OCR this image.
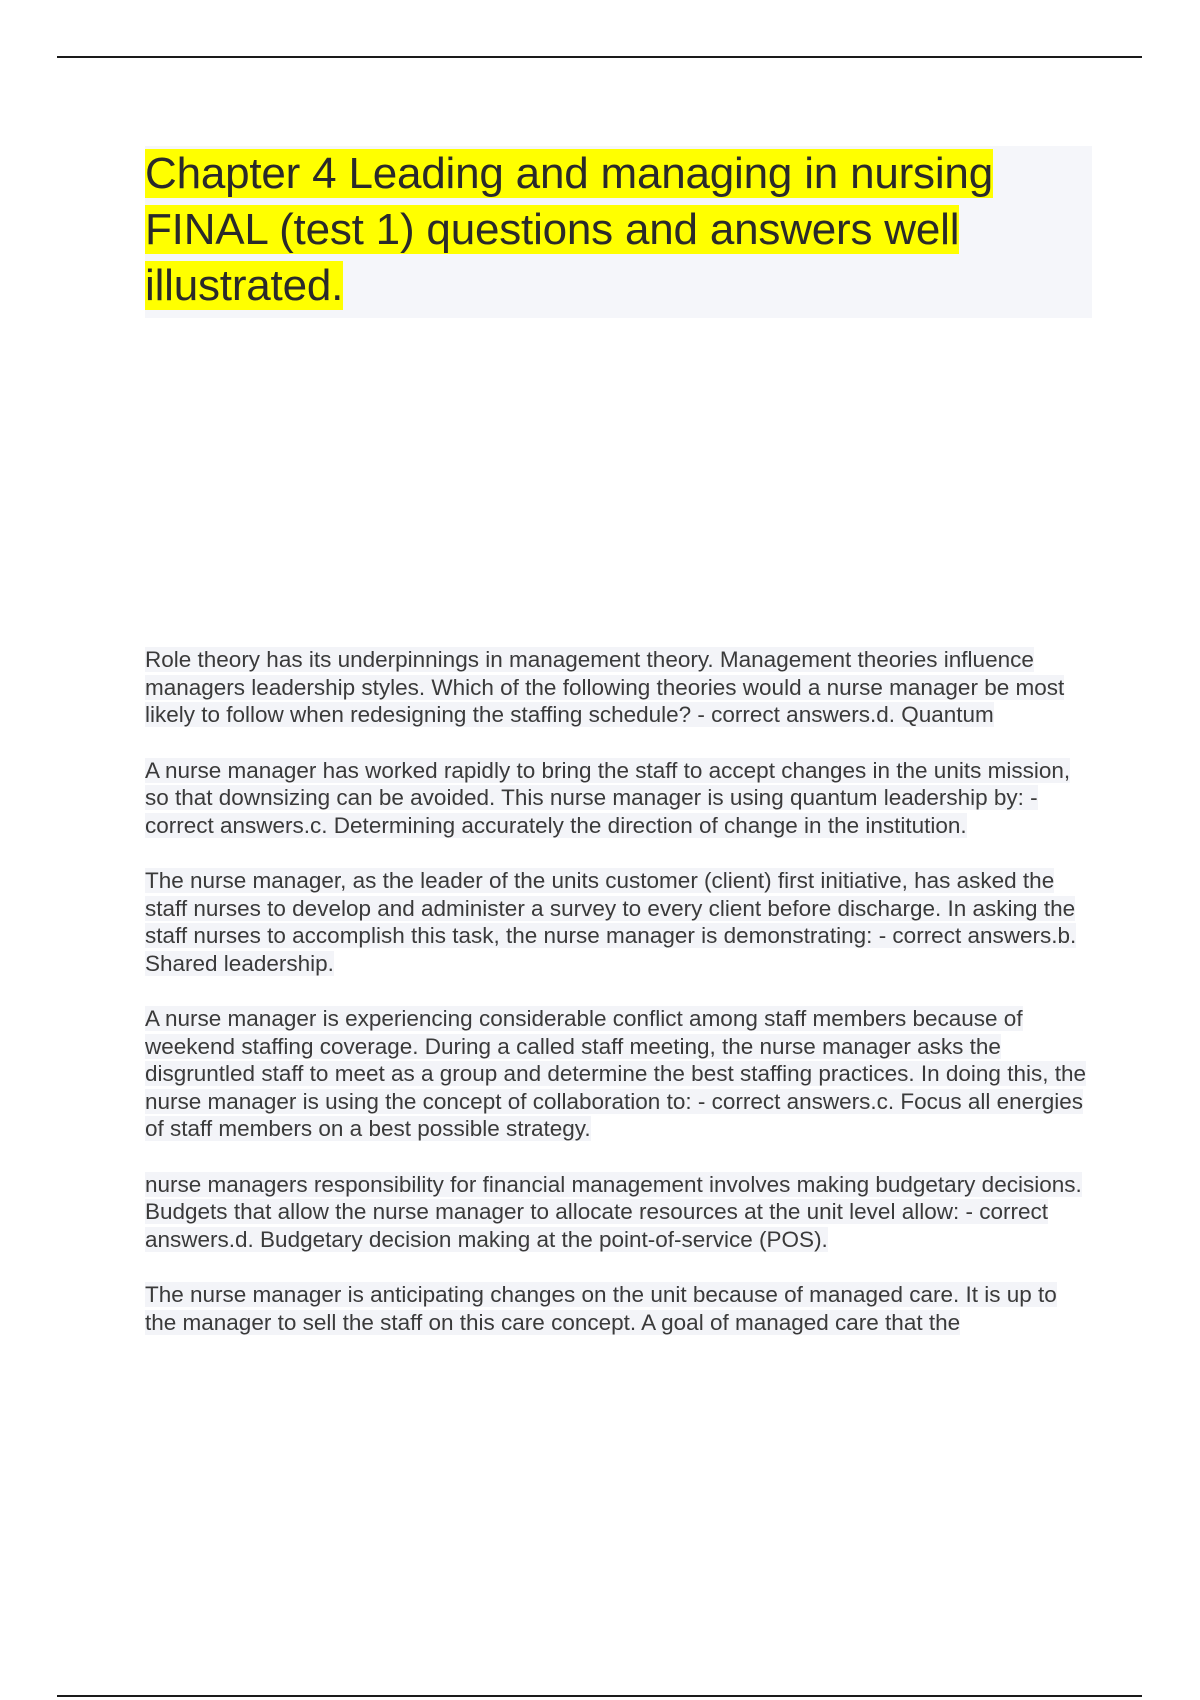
Chapter 4 Leading and managing in nursing FINAL (test 1) questions and answers well illustrated.

Role theory has its underpinnings in management theory. Management theories influence managers leadership styles. Which of the following theories would a nurse manager be most likely to follow when redesigning the staffing schedule? - correct answers.d. Quantum

A nurse manager has worked rapidly to bring the staff to accept changes in the units mission, so that downsizing can be avoided. This nurse manager is using quantum leadership by: - correct answers.c. Determining accurately the direction of change in the institution.

The nurse manager, as the leader of the units customer (client) first initiative, has asked the staff nurses to develop and administer a survey to every client before discharge. In asking the staff nurses to accomplish this task, the nurse manager is demonstrating: - correct answers.b. Shared leadership.

A nurse manager is experiencing considerable conflict among staff members because of weekend staffing coverage. During a called staff meeting, the nurse manager asks the disgruntled staff to meet as a group and determine the best staffing practices. In doing this, the nurse manager is using the concept of collaboration to: - correct answers.c. Focus all energies of staff members on a best possible strategy.

nurse managers responsibility for financial management involves making budgetary decisions. Budgets that allow the nurse manager to allocate resources at the unit level allow: - correct answers.d. Budgetary decision making at the point-of-service (POS).

The nurse manager is anticipating changes on the unit because of managed care. It is up to the manager to sell the staff on this care concept. A goal of managed care that the
